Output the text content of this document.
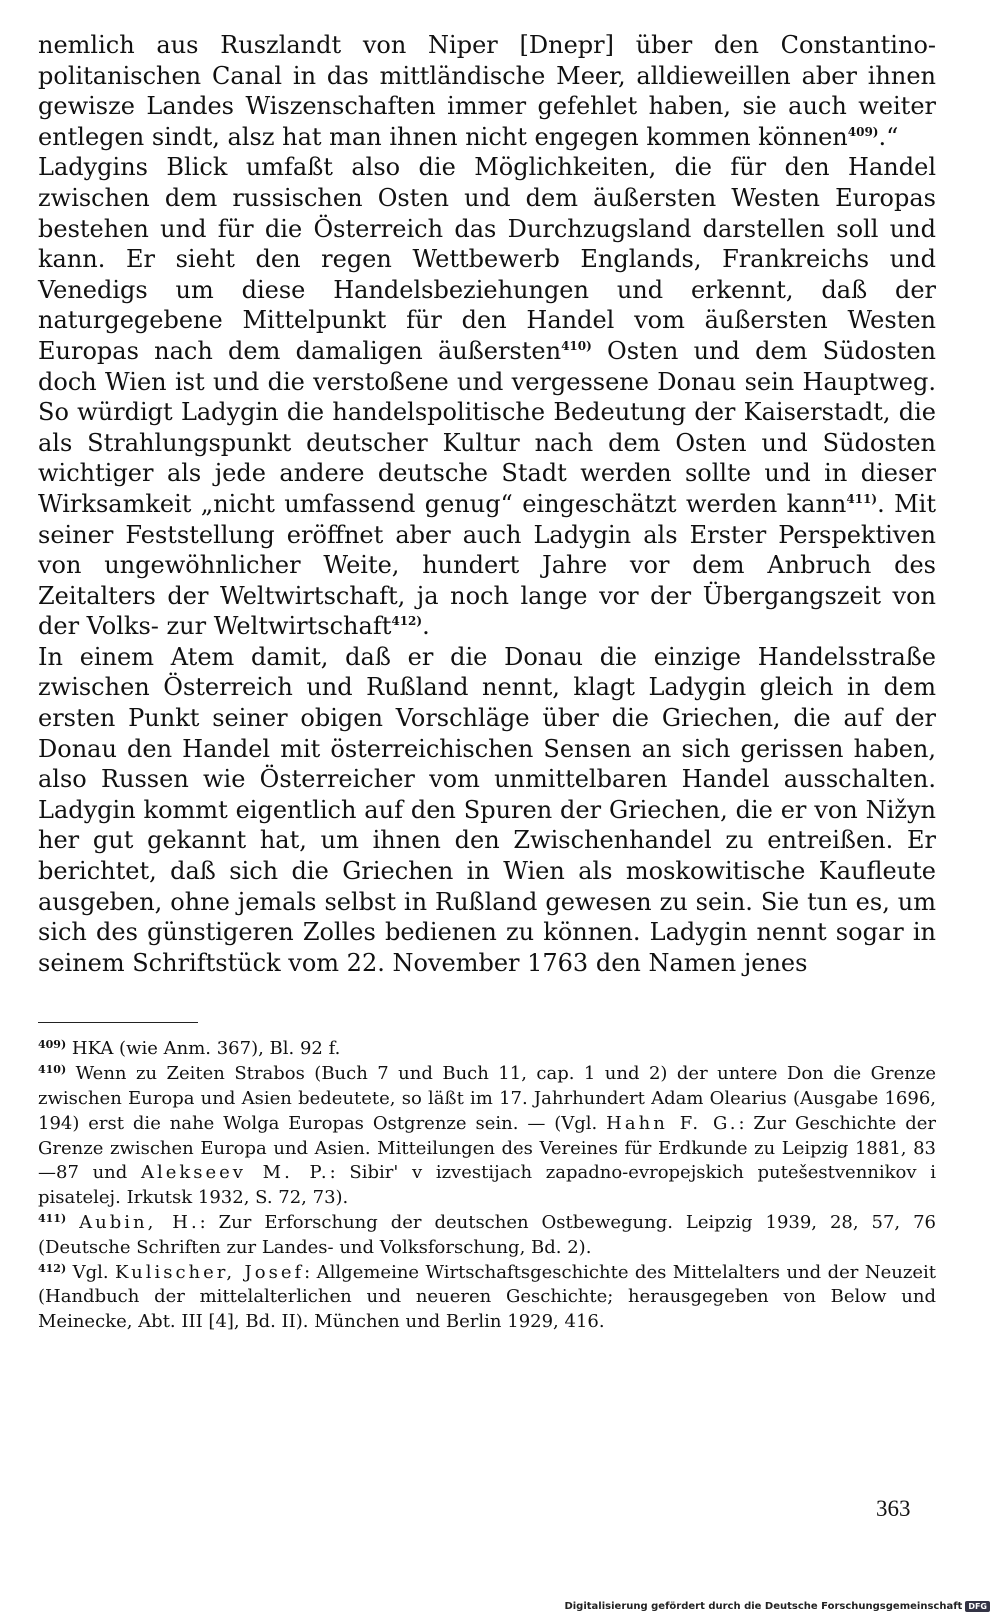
nemlich aus Ruszlandt von Niper [Dnepr] über den Constantino-politanischen Canal in das mittländische Meer, alldieweillen aber ihnen gewisze Landes Wiszenschaften immer gefehlet haben, sie auch weiter entlegen sindt, alsz hat man ihnen nicht engegen kommen können$^{409)}$.“

Ladygins Blick umfaßt also die Möglichkeiten, die für den Handel zwischen dem russischen Osten und dem äußersten Westen Europas bestehen und für die Österreich das Durchzugsland darstellen soll und kann. Er sieht den regen Wettbewerb Englands, Frankreichs und Venedigs um diese Handelsbeziehungen und erkennt, daß der naturgegebene Mittelpunkt für den Handel vom äußersten Westen Europas nach dem damaligen äußersten$^{410)}$ Osten und dem Südosten doch Wien ist und die verstoßene und vergessene Donau sein Hauptweg. So würdigt Ladygin die handelspolitische Bedeutung der Kaiserstadt, die als Strahlungspunkt deutscher Kultur nach dem Osten und Südosten wichtiger als jede andere deutsche Stadt werden sollte und in dieser Wirksamkeit „nicht umfassend genug“ eingeschätzt werden kann$^{411)}$. Mit seiner Feststellung eröffnet aber auch Ladygin als Erster Perspektiven von ungewöhnlicher Weite, hundert Jahre vor dem Anbruch des Zeitalters der Weltwirtschaft, ja noch lange vor der Übergangszeit von der Volks- zur Weltwirtschaft$^{412)}$.

In einem Atem damit, daß er die Donau die einzige Handelsstraße zwischen Österreich und Rußland nennt, klagt Ladygin gleich in dem ersten Punkt seiner obigen Vorschläge über die Griechen, die auf der Donau den Handel mit österreichischen Sensen an sich gerissen haben, also Russen wie Österreicher vom unmittelbaren Handel ausschalten. Ladygin kommt eigentlich auf den Spuren der Griechen, die er von Nižyn her gut gekannt hat, um ihnen den Zwischenhandel zu entreißen. Er berichtet, daß sich die Griechen in Wien als moskowitische Kaufleute ausgeben, ohne jemals selbst in Rußland gewesen zu sein. Sie tun es, um sich des günstigeren Zolles bedienen zu können. Ladygin nennt sogar in seinem Schriftstück vom 22. November 1763 den Namen jenes

$^{409)}$ HKA (wie Anm. 367), Bl. 92 f.

$^{410)}$ Wenn zu Zeiten Strabos (Buch 7 und Buch 11, cap. 1 und 2) der untere Don die Grenze zwischen Europa und Asien bedeutete, so läßt im 17. Jahrhundert Adam Olearius (Ausgabe 1696, 194) erst die nahe Wolga Europas Ostgrenze sein. — (Vgl. Hahn F. G.: Zur Geschichte der Grenze zwischen Europa und Asien. Mitteilungen des Vereines für Erdkunde zu Leipzig 1881, 83—87 und Alekseev M. P.: Sibir' v izvestijach zapadno-evropejskich putešestvennikov i pisatelej. Irkutsk 1932, S. 72, 73).

$^{411)}$ Aubin, H.: Zur Erforschung der deutschen Ostbewegung. Leipzig 1939, 28, 57, 76 (Deutsche Schriften zur Landes- und Volksforschung, Bd. 2).

$^{412)}$ Vgl. Kulischer, Josef: Allgemeine Wirtschaftsgeschichte des Mittelalters und der Neuzeit (Handbuch der mittelalterlichen und neueren Geschichte; herausgegeben von Below und Meinecke, Abt. III [4], Bd. II). München und Berlin 1929, 416.

363
Digitalisierung gefördert durch die Deutsche Forschungsgemeinschaft DFG
